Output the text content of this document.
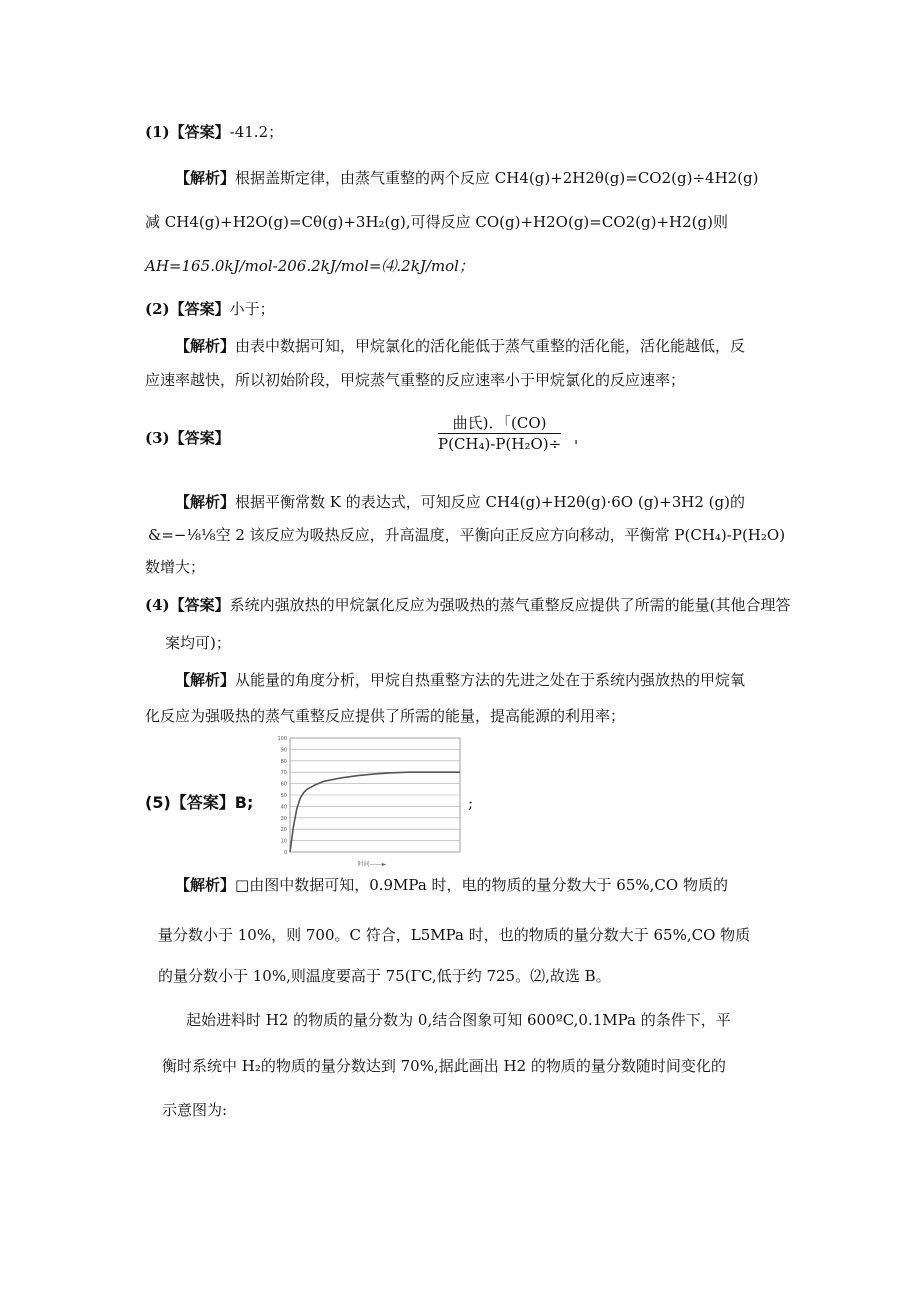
(1)【答案】-41.2；
【解析】根据盖斯定律，由蒸气重整的两个反应 CH4(g)+2H2θ(g)=CO2(g)÷4H2(g)
减 CH4(g)+H2O(g)=Cθ(g)+3H₂(g),可得反应 CO(g)+H2O(g)=CO2(g)+H2(g)则
AH=165.0kJ/mol-206.2kJ∕mol=⑷.2kJ/mol；
(2)【答案】小于；
【解析】由表中数据可知，甲烷氯化的活化能低于蒸气重整的活化能，活化能越低，反
应速率越快，所以初始阶段，甲烷蒸气重整的反应速率小于甲烷氯化的反应速率；
(3)【答案】
曲氏)．「(CO)
P(CH₄)-P(H₂O)÷ '
【解析】根据平衡常数 K 的表达式，可知反应 CH4(g)+H2θ(g)·6O (g)+3H2 (g)的
&=−⅛⅛空 2 该反应为吸热反应，升高温度，平衡向正反应方向移动，平衡常 P(CH₄)-P(H₂O)
数增大；
(4)【答案】系统内强放热的甲烷氯化反应为强吸热的蒸气重整反应提供了所需的能量(其他合理答
案均可)；
【解析】从能量的角度分析，甲烷自热重整方法的先进之处在于系统内强放热的甲烷氧
化反应为强吸热的蒸气重整反应提供了所需的能量，提高能源的利用率；
(5)【答案】B;
0
10
20
30
40
50
60
70
80
90
100
时间——►
;
【解析】□由图中数据可知，0.9MPa 时，电的物质的量分数大于 65%,CO 物质的
量分数小于 10%，则 700。C 符合，L5MPa 时，也的物质的量分数大于 65%,CO 物质
的量分数小于 10%,则温度要高于 75(ΓC,低于约 725。⑵,故选 B。
起始进料时 H2 的物质的量分数为 0,结合图象可知 600ºC,0.1MPa 的条件下，平
衡时系统中 H₂的物质的量分数达到 70%,据此画出 H2 的物质的量分数随时间变化的
示意图为:
